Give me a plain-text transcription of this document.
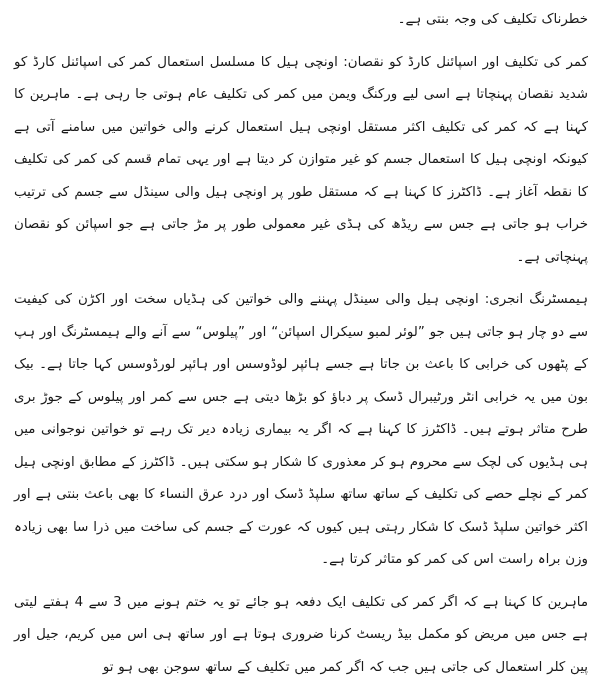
خطرناک تکلیف کی وجہ بنتی ہے۔

کمر کی تکلیف اور اسپائنل کارڈ کو نقصان: اونچی ہیل کا مسلسل استعمال کمر کی اسپائنل کارڈ کو شدید نقصان پہنچاتا ہے اسی لیے ورکنگ ویمن میں کمر کی تکلیف عام ہوتی جا رہی ہے۔ ماہرین کا کہنا ہے کہ کمر کی تکلیف اکثر مستقل اونچی ہیل استعمال کرنے والی خواتین میں سامنے آتی ہے کیونکہ اونچی ہیل کا استعمال جسم کو غیر متوازن کر دیتا ہے اور یہی تمام قسم کی کمر کی تکلیف کا نقطہ آغاز ہے۔ ڈاکٹرز کا کہنا ہے کہ مستقل طور پر اونچی ہیل والی سینڈل سے جسم کی ترتیب خراب ہو جاتی ہے جس سے ریڈھ کی ہڈی غیر معمولی طور پر مڑ جاتی ہے جو اسپائن کو نقصان پہنچاتی ہے۔

ہیمسٹرنگ انجری: اونچی ہیل والی سینڈل پہننے والی خواتین کی ہڈیاں سخت اور اکڑن کی کیفیت سے دو چار ہو جاتی ہیں جو ”لوئر لمبو سیکرال اسپائن“ اور ”پیلوس“ سے آنے والے ہیمسٹرنگ اور ہپ کے پٹھوں کی خرابی کا باعث بن جاتا ہے جسے ہائپر لوڈوسس اور ہائپر لورڈوسس کہا جاتا ہے۔ بیک بون میں یہ خرابی انٹر ورٹیبرال ڈسک پر دباؤ کو بڑھا دیتی ہے جس سے کمر اور پیلوس کے جوڑ بری طرح متاثر ہوتے ہیں۔ ڈاکٹرز کا کہنا ہے کہ اگر یہ بیماری زیادہ دیر تک رہے تو خواتین نوجوانی میں ہی ہڈیوں کی لچک سے محروم ہو کر معذوری کا شکار ہو سکتی ہیں۔ ڈاکٹرز کے مطابق اونچی ہیل کمر کے نچلے حصے کی تکلیف کے ساتھ ساتھ سلپڈ ڈسک اور درد عرق النساء کا بھی باعث بنتی ہے اور اکثر خواتین سلپڈ ڈسک کا شکار رہتی ہیں کیوں کہ عورت کے جسم کی ساخت میں ذرا سا بھی زیادہ وزن براہ راست اس کی کمر کو متاثر کرتا ہے۔

ماہرین کا کہنا ہے کہ اگر کمر کی تکلیف ایک دفعہ ہو جائے تو یہ ختم ہونے میں 3 سے 4 ہفتے لیتی ہے جس میں مریض کو مکمل بیڈ ریسٹ کرنا ضروری ہوتا ہے اور ساتھ ہی اس میں کریم، جیل اور پین کلر استعمال کی جاتی ہیں جب کہ اگر کمر میں تکلیف کے ساتھ سوجن بھی ہو تو
